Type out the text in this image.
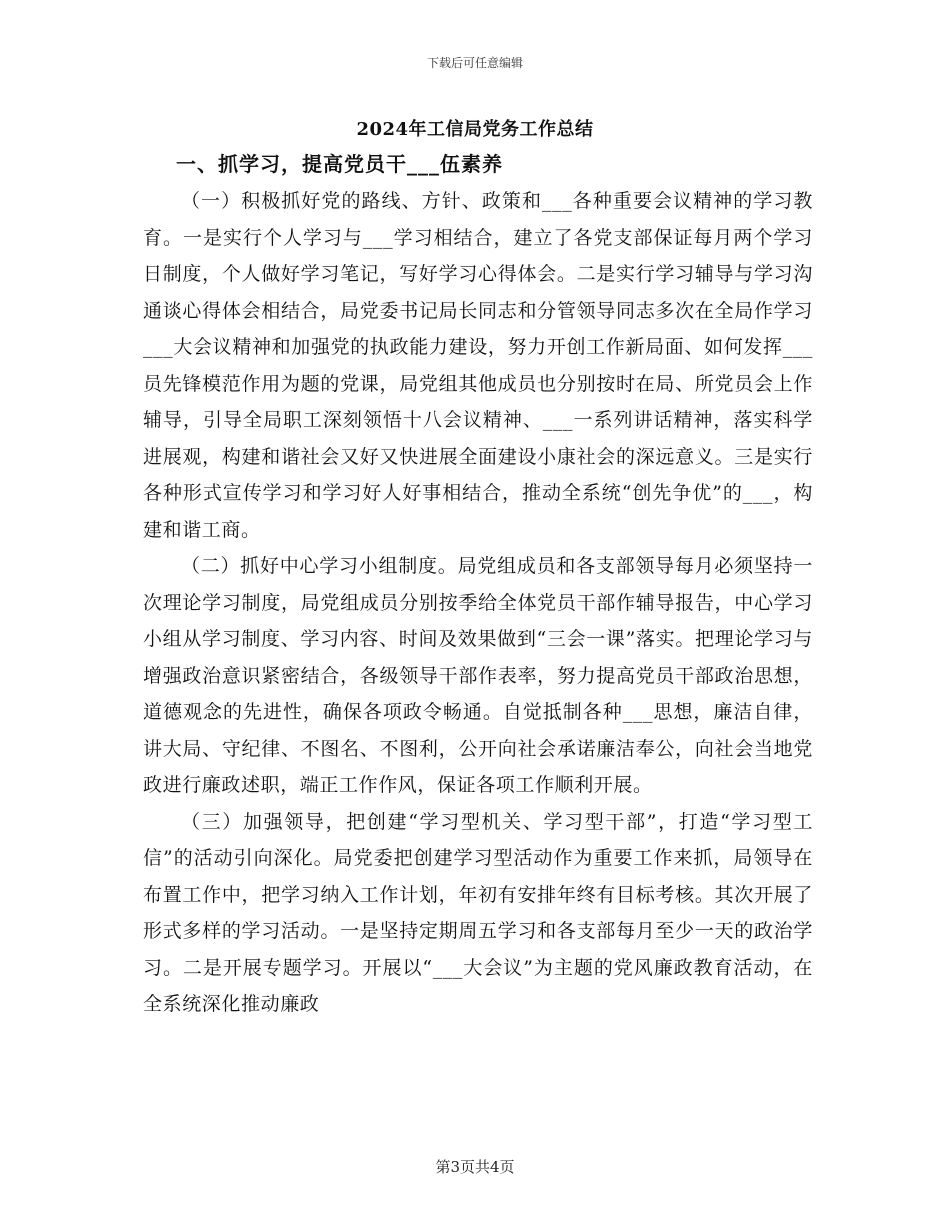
下载后可任意编辑
2024年工信局党务工作总结
一、抓学习，提高党员干___伍素养

（一）积极抓好党的路线、方针、政策和___各种重要会议精神的学习教育。一是实行个人学习与___学习相结合，建立了各党支部保证每月两个学习日制度，个人做好学习笔记，写好学习心得体会。二是实行学习辅导与学习沟通谈心得体会相结合，局党委书记局长同志和分管领导同志多次在全局作学习___大会议精神和加强党的执政能力建设，努力开创工作新局面、如何发挥___员先锋模范作用为题的党课，局党组其他成员也分别按时在局、所党员会上作辅导，引导全局职工深刻领悟十八会议精神、___一系列讲话精神，落实科学进展观，构建和谐社会又好又快进展全面建设小康社会的深远意义。三是实行各种形式宣传学习和学习好人好事相结合，推动全系统“创先争优”的___，构建和谐工商。

（二）抓好中心学习小组制度。局党组成员和各支部领导每月必须坚持一次理论学习制度，局党组成员分别按季给全体党员干部作辅导报告，中心学习小组从学习制度、学习内容、时间及效果做到“三会一课”落实。把理论学习与增强政治意识紧密结合，各级领导干部作表率，努力提高党员干部政治思想，道德观念的先进性，确保各项政令畅通。自觉抵制各种___思想，廉洁自律，讲大局、守纪律、不图名、不图利，公开向社会承诺廉洁奉公，向社会当地党政进行廉政述职，端正工作作风，保证各项工作顺利开展。

（三）加强领导，把创建“学习型机关、学习型干部”，打造“学习型工信”的活动引向深化。局党委把创建学习型活动作为重要工作来抓，局领导在布置工作中，把学习纳入工作计划，年初有安排年终有目标考核。其次开展了形式多样的学习活动。一是坚持定期周五学习和各支部每月至少一天的政治学习。二是开展专题学习。开展以“___大会议”为主题的党风廉政教育活动，在全系统深化推动廉政

第3页共4页
